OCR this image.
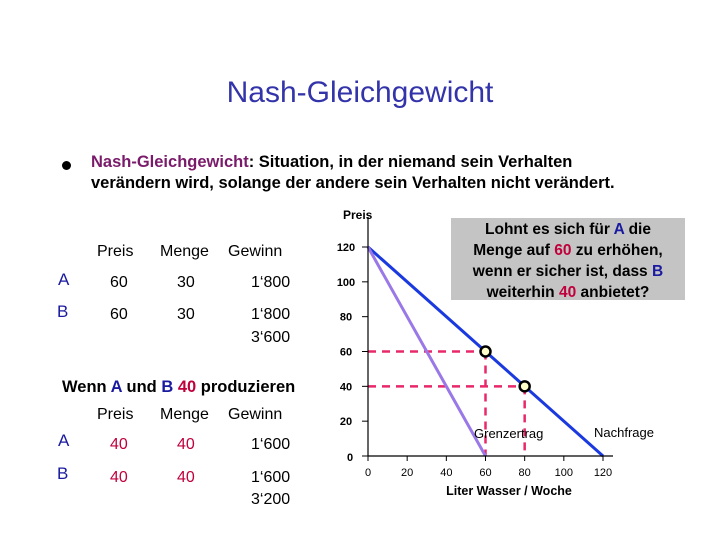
Nash-Gleichgewicht
Nash-Gleichgewicht: Situation, in der niemand sein Verhalten
verändern wird, solange der andere sein Verhalten nicht verändert.
Preis Menge Gewinn
A	60	30	1‘800
B	60	30	1‘800
3‘600
Wenn A und B 40 produzieren
Preis Menge Gewinn
A	40	40	1‘600
B	40	40	1‘600
3‘200
20
40
60
80
100
120
0
0	20 40 60 80 100 120
Preis
Liter Wasser / Woche
Grenzertrag	Nachfrage
Lohnt es sich für A die
Menge auf 60 zu erhöhen,
wenn er sicher ist, dass B
weiterhin 40 anbietet?
